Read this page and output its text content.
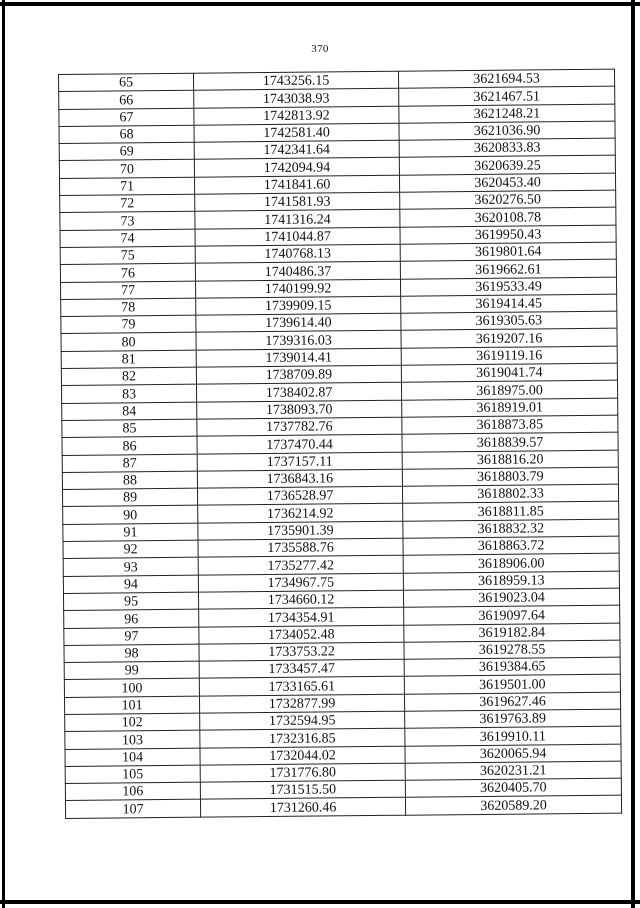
370
65	1743256.15	3621694.53
66	1743038.93	3621467.51
67	1742813.92	3621248.21
68	1742581.40	3621036.90
69	1742341.64	3620833.83
70	1742094.94	3620639.25
71	1741841.60	3620453.40
72	1741581.93	3620276.50
73	1741316.24	3620108.78
74	1741044.87	3619950.43
75	1740768.13	3619801.64
76	1740486.37	3619662.61
77	1740199.92	3619533.49
78	1739909.15	3619414.45
79	1739614.40	3619305.63
80	1739316.03	3619207.16
81	1739014.41	3619119.16
82	1738709.89	3619041.74
83	1738402.87	3618975.00
84	1738093.70	3618919.01
85	1737782.76	3618873.85
86	1737470.44	3618839.57
87	1737157.11	3618816.20
88	1736843.16	3618803.79
89	1736528.97	3618802.33
90	1736214.92	3618811.85
91	1735901.39	3618832.32
92	1735588.76	3618863.72
93	1735277.42	3618906.00
94	1734967.75	3618959.13
95	1734660.12	3619023.04
96	1734354.91	3619097.64
97	1734052.48	3619182.84
98	1733753.22	3619278.55
99	1733457.47	3619384.65
100	1733165.61	3619501.00
101	1732877.99	3619627.46
102	1732594.95	3619763.89
103	1732316.85	3619910.11
104	1732044.02	3620065.94
105	1731776.80	3620231.21
106	1731515.50	3620405.70
107	1731260.46	3620589.20
